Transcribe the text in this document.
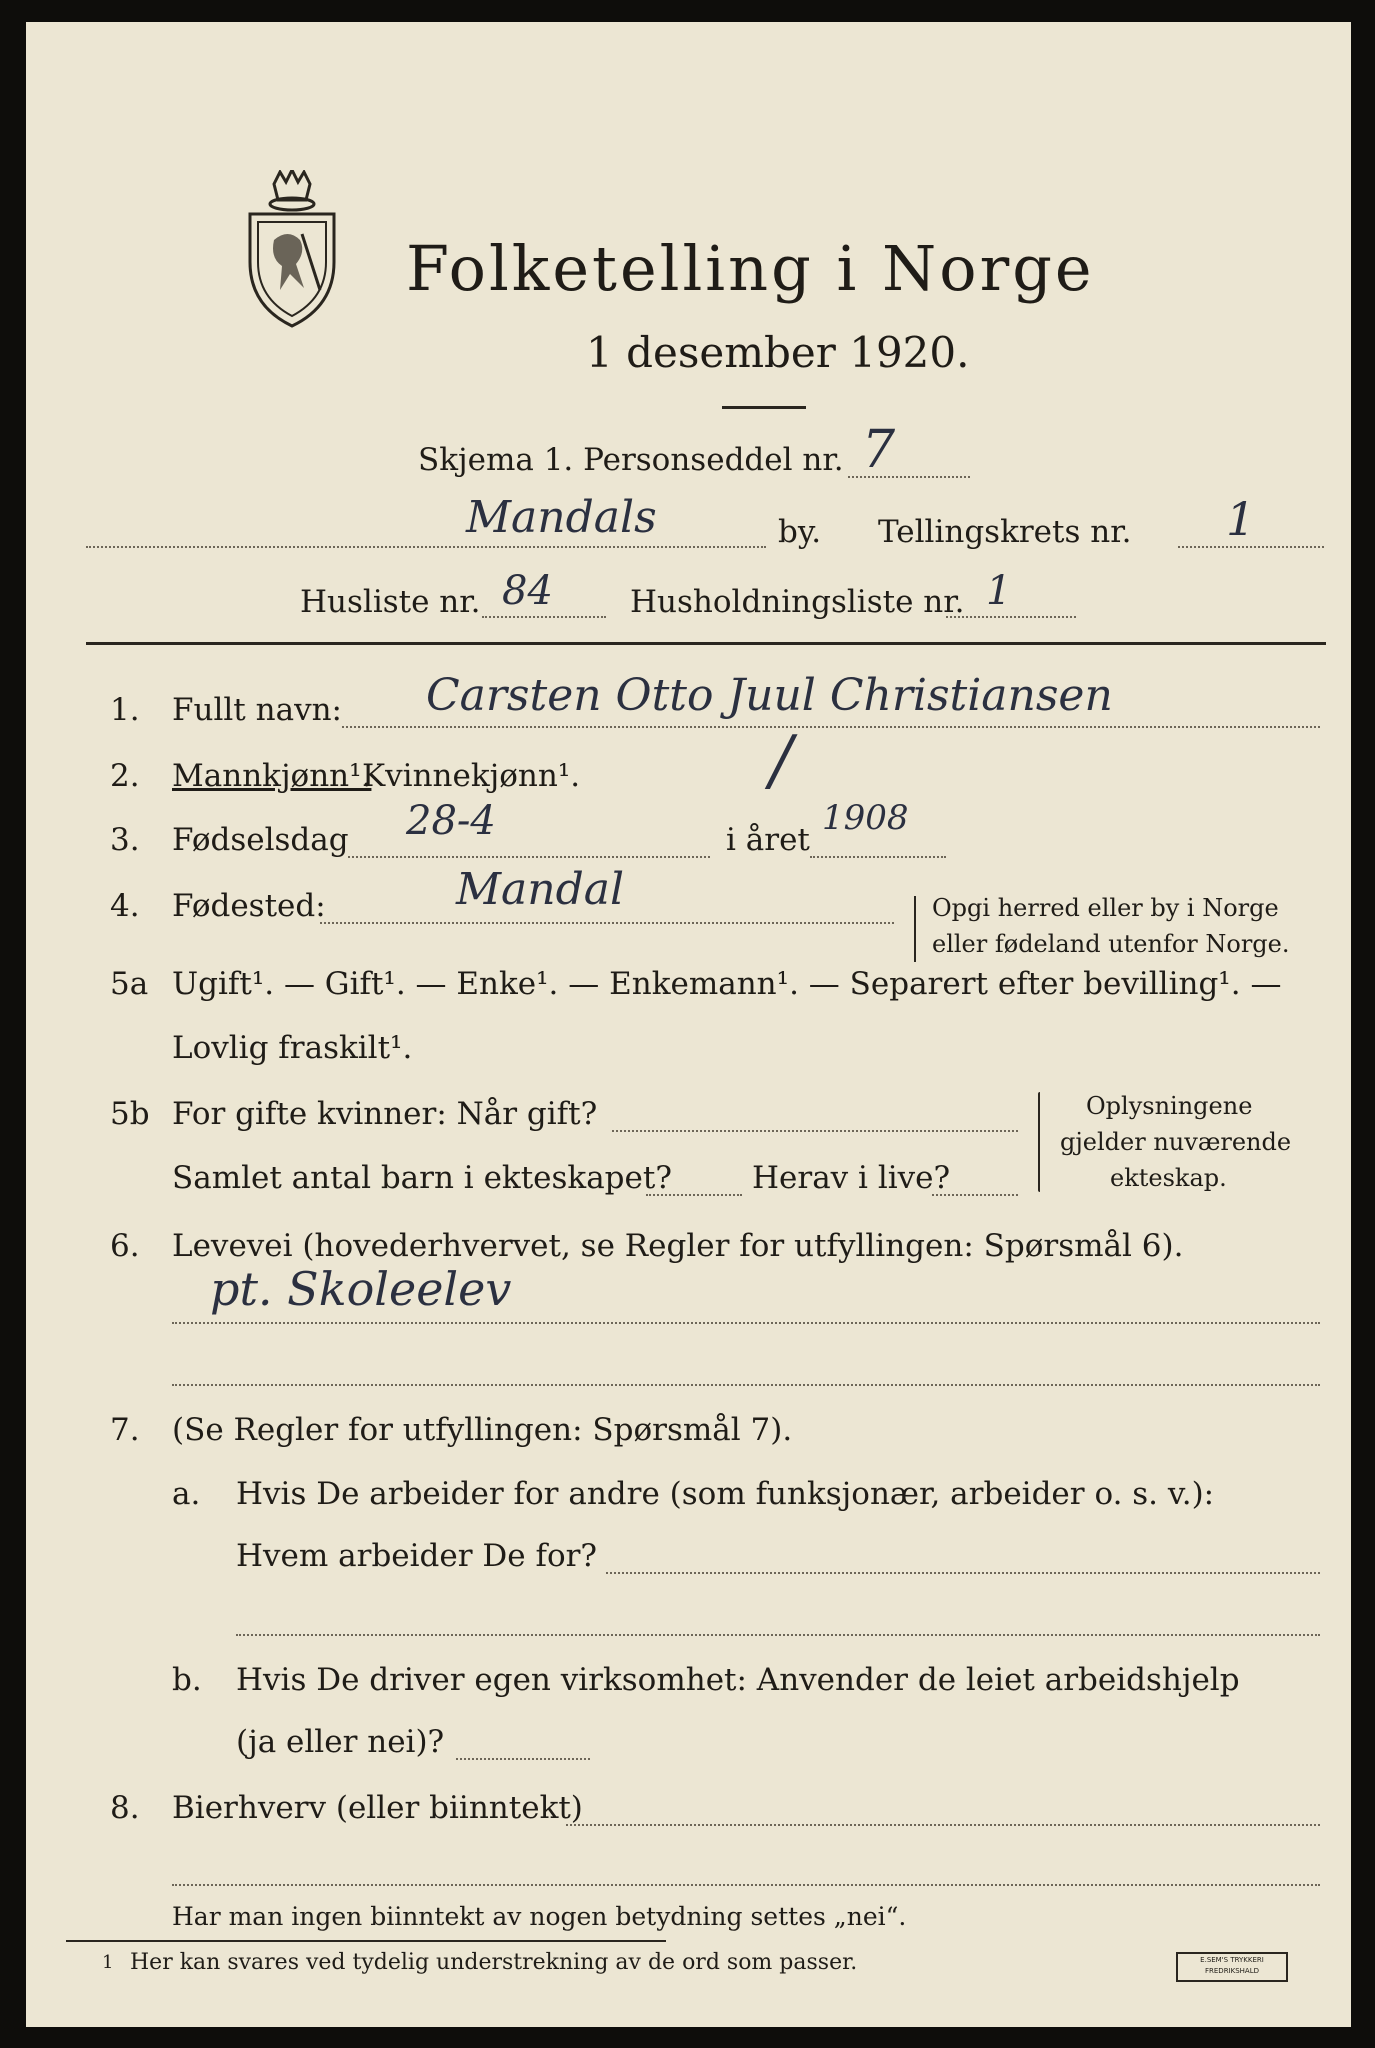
Folketelling i Norge
1 desember 1920.
Skjema 1. Personseddel nr. 7
Mandals	by. Tellingskrets nr. 1
Husliste nr. 84 Husholdningsliste nr. 1
1. Fullt navn: Carsten Otto Juul Christiansen
2. Mannkjønn¹.
Kvinnekjønn¹.	/
3. Fødselsdag 28-4	i året
1908
4. Fødested:	Mandal	Opgi herred eller by i Norge
eller fødeland utenfor Norge.
5a Ugift¹. — Gift¹. — Enke¹. — Enkemann¹. — Separert efter bevilling¹. —
Lovlig fraskilt¹.
5b For gifte kvinner: Når gift?
Samlet antal barn i ekteskapet?	Herav i live?
Oplysningene
gjelder nuværende
ekteskap.
6. Levevei (hovederhvervet, se Regler for utfyllingen: Spørsmål 6).
pt. Skoleelev
7. (Se Regler for utfyllingen: Spørsmål 7).
a. Hvis De arbeider for andre (som funksjonær, arbeider o. s. v.):
Hvem arbeider De for?
b. Hvis De driver egen virksomhet: Anvender de leiet arbeidshjelp
(ja eller nei)?
8. Bierhverv (eller biinntekt)
Har man ingen biinntekt av nogen betydning settes „nei“.
1 Her kan svares ved tydelig understrekning av de ord som passer.	E.SEM'S TRYKKERI
FREDRIKSHALD
